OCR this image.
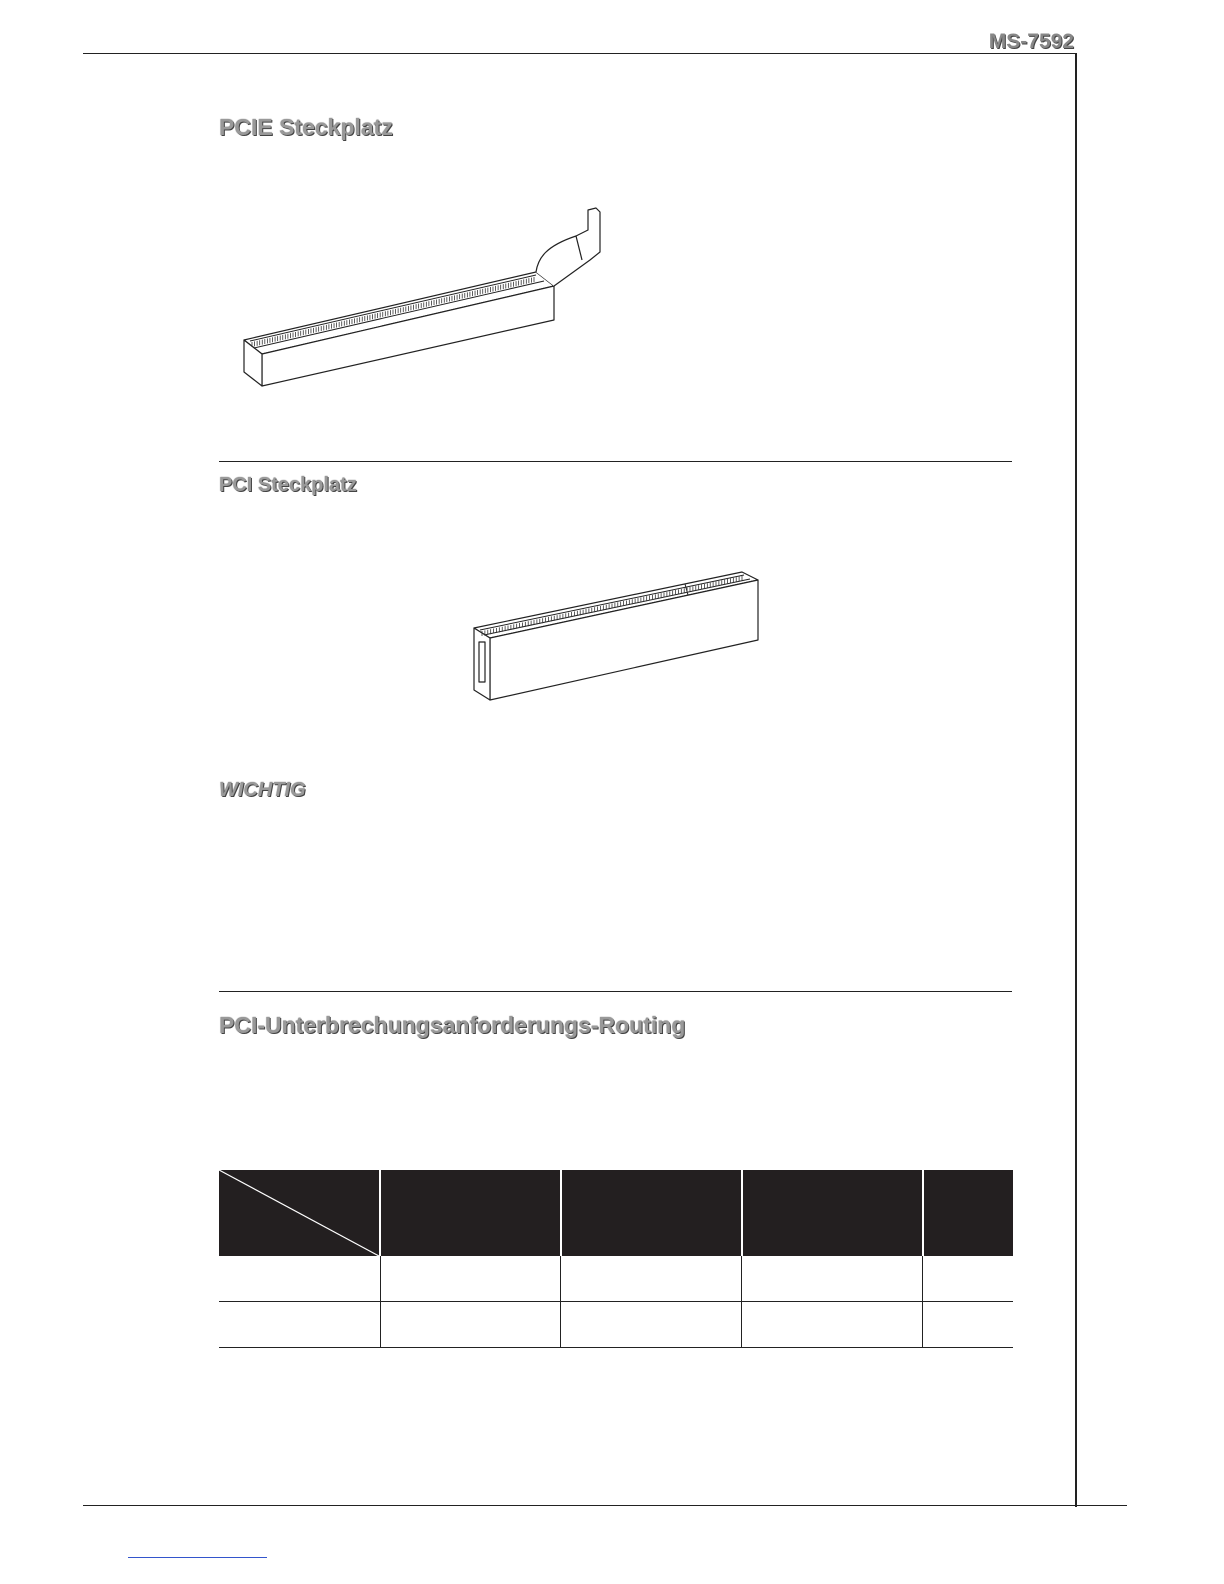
MS-7592
PCIE Steckplatz
PCI Steckplatz
WICHTIG
PCI-Unterbrechungsanforderungs-Routing
